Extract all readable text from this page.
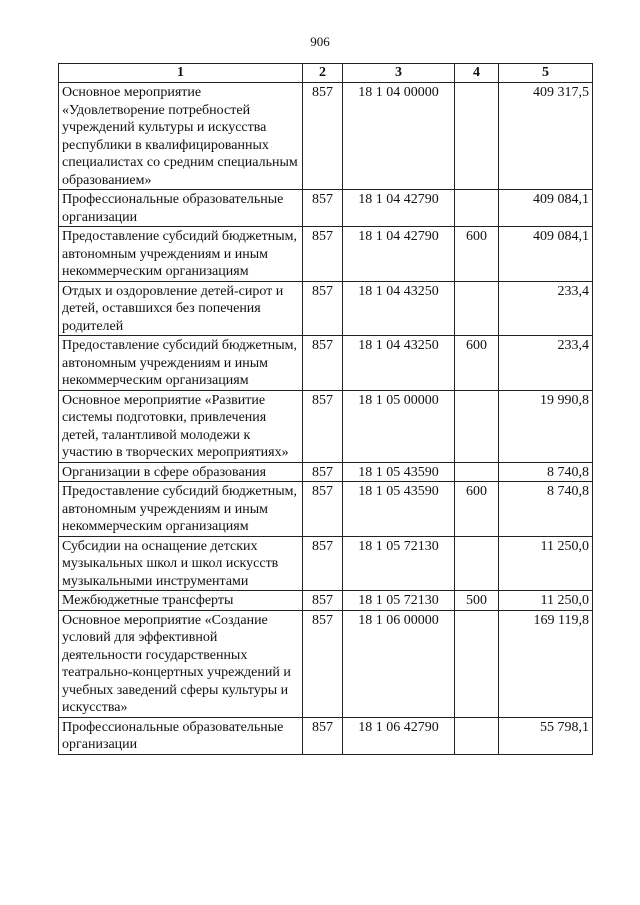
906
1	2	3	4	5
Основное мероприятие «Удовлетворение потребностей учреждений культуры и искусства республики в квалифицированных специалистах со средним специальным образованием»	857	18 1 04 00000		409 317,5
Профессиональные образовательные организации	857	18 1 04 42790		409 084,1
Предоставление субсидий бюджетным, автономным учреждениям и иным некоммерческим организациям	857	18 1 04 42790	600	409 084,1
Отдых и оздоровление детей-сирот и детей, оставшихся без попечения родителей	857	18 1 04 43250		233,4
Предоставление субсидий бюджетным, автономным учреждениям и иным некоммерческим организациям	857	18 1 04 43250	600	233,4
Основное мероприятие «Развитие системы подготовки, привлечения детей, талантливой молодежи к участию в творческих мероприятиях»	857	18 1 05 00000		19 990,8
Организации в сфере образования	857	18 1 05 43590		8 740,8
Предоставление субсидий бюджетным, автономным учреждениям и иным некоммерческим организациям	857	18 1 05 43590	600	8 740,8
Субсидии на оснащение детских музыкальных школ и школ искусств музыкальными инструментами	857	18 1 05 72130		11 250,0
Межбюджетные трансферты	857	18 1 05 72130	500	11 250,0
Основное мероприятие «Создание условий для эффективной деятельности государственных театрально-концертных учреждений и учебных заведений сферы культуры и искусства»	857	18 1 06 00000		169 119,8
Профессиональные образовательные организации	857	18 1 06 42790		55 798,1
